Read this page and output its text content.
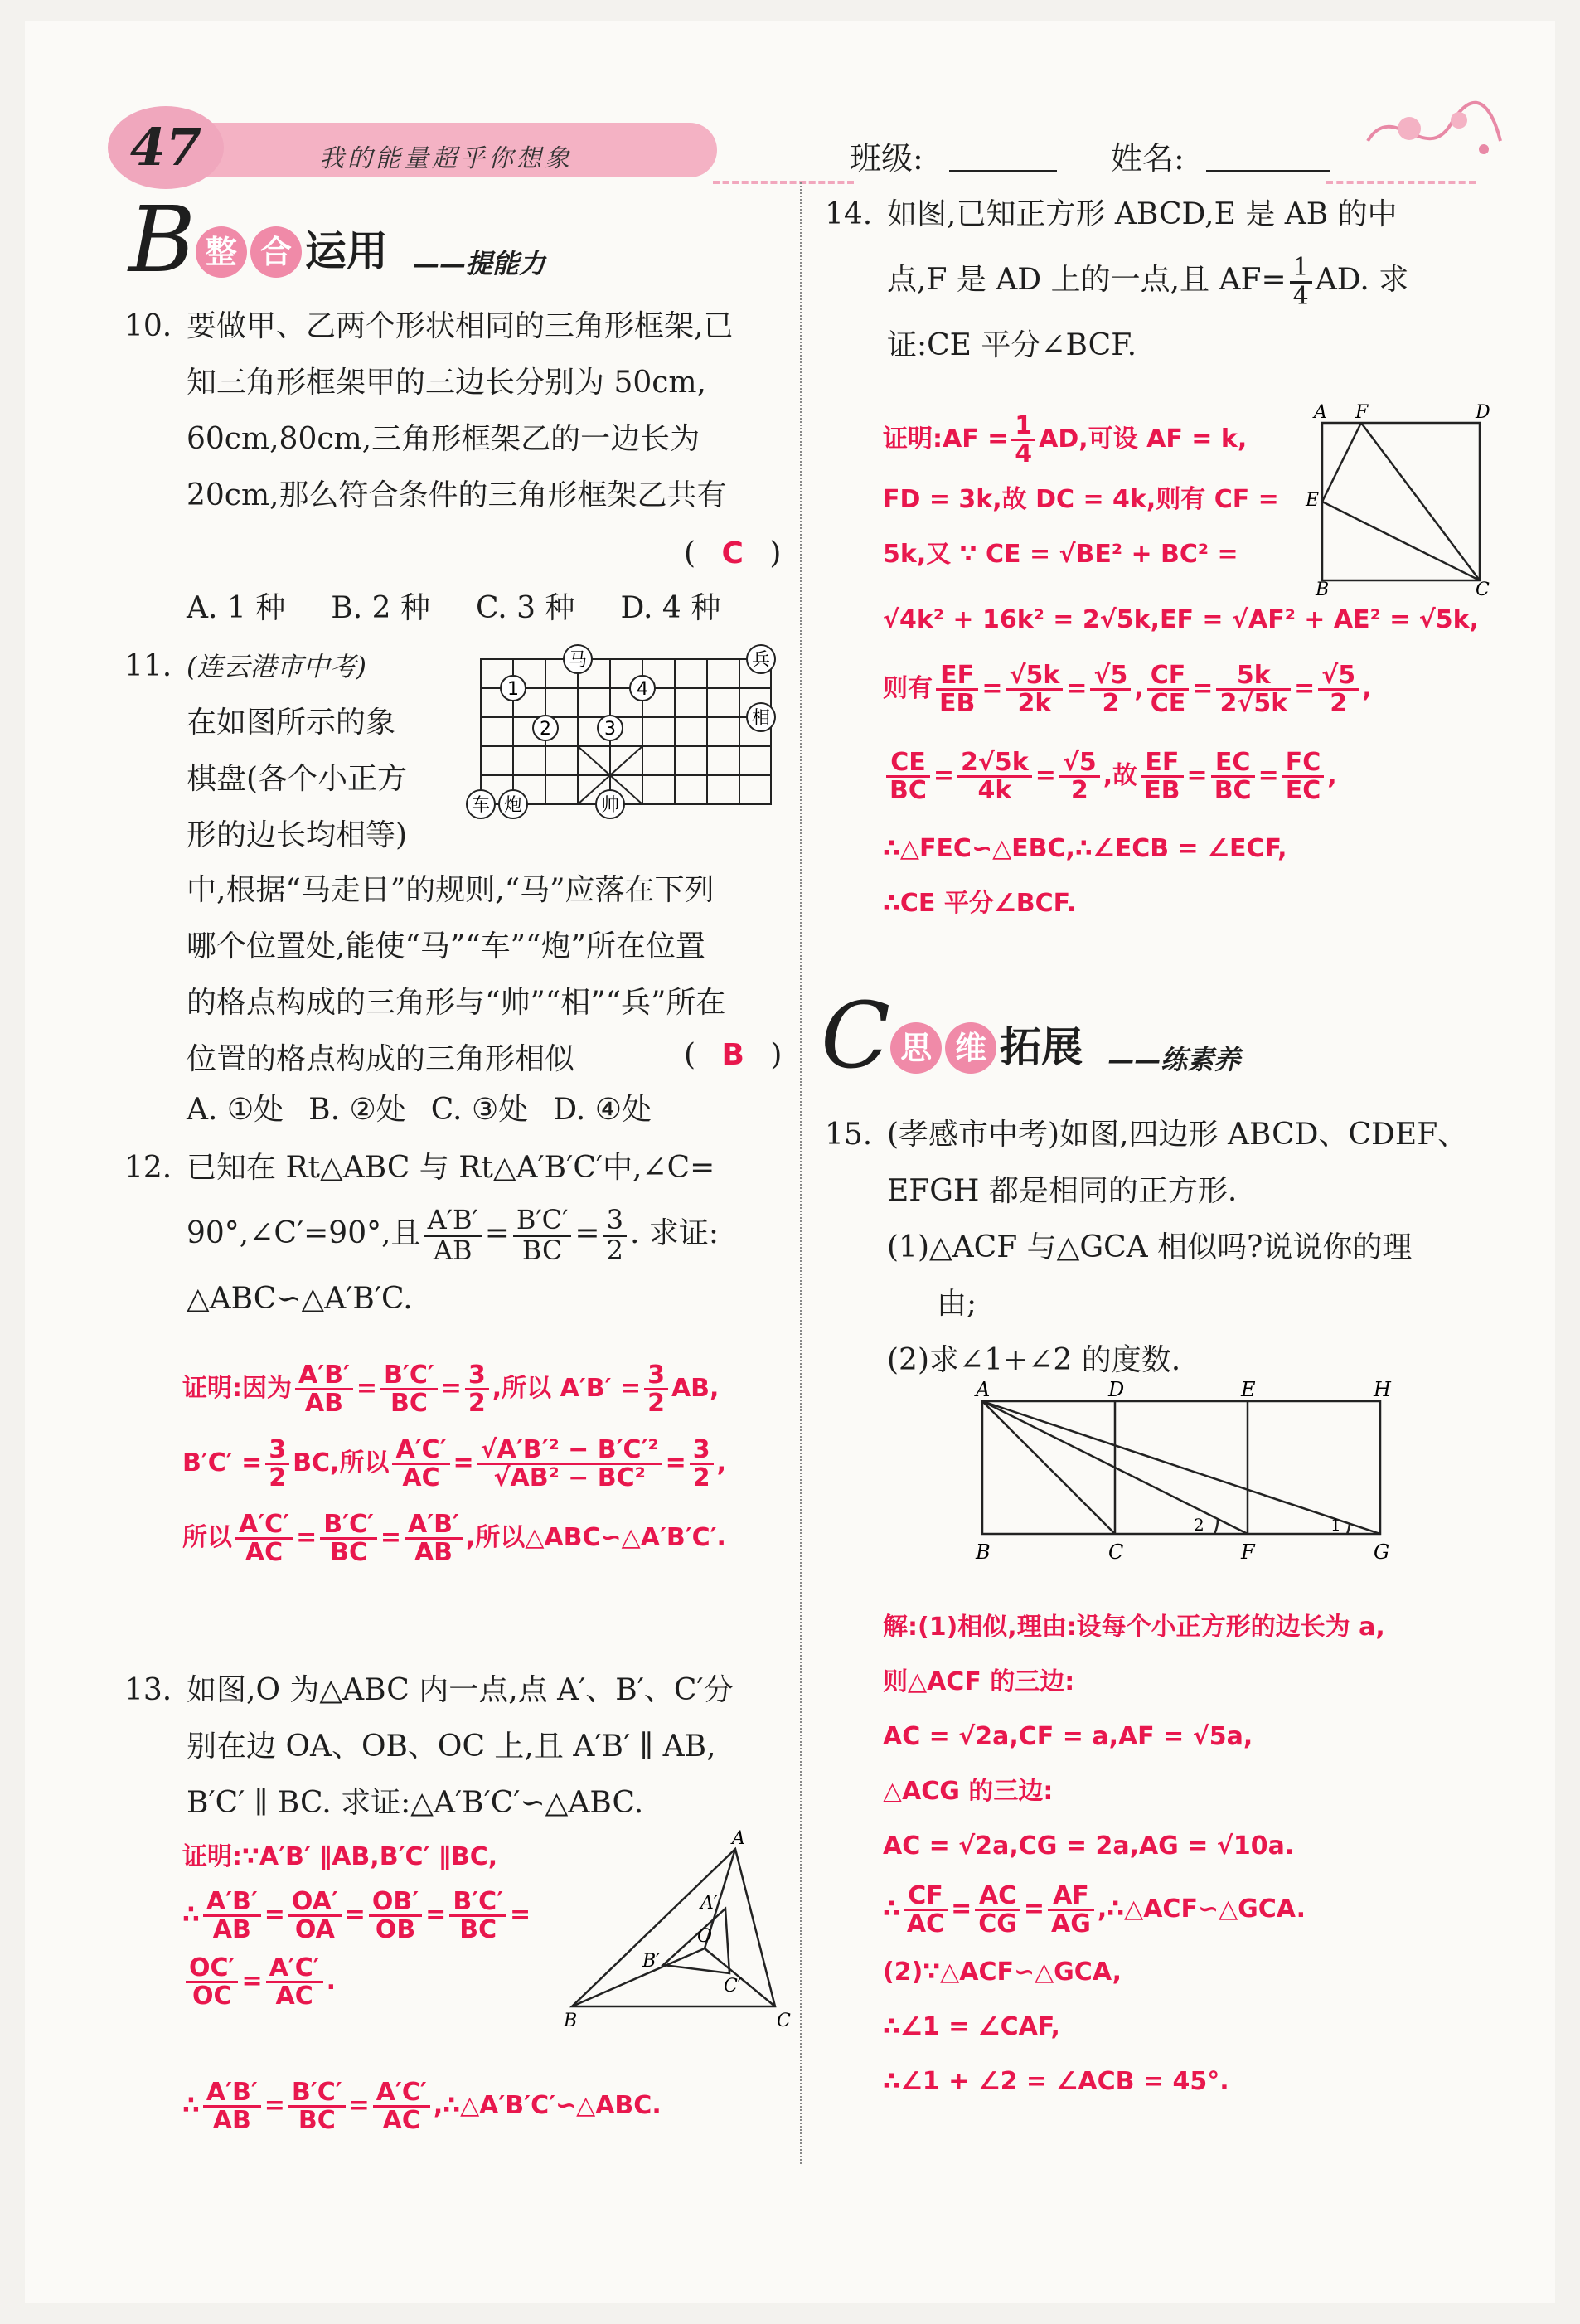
47	我的能量超乎你想象	班级:	姓名:
B 整 合 运用 ——提能力
10. 要做甲、乙两个形状相同的三角形框架,已
知三角形框架甲的三边长分别为 50cm,
60cm,80cm,三角形框架乙的一边长为
20cm,那么符合条件的三角形框架乙共有
( C )
A. 1 种 B. 2 种 C. 3 种 D. 4 种
11. (连云港市中考)
在如图所示的象
棋盘(各个小正方
形的边长均相等)
马	兵
相
车 炮	帅
1
2	3
4
中,根据“马走日”的规则,“马”应落在下列
哪个位置处,能使“马”“车”“炮”所在位置
的格点构成的三角形与“帅”“相”“兵”所在
位置的格点构成的三角形相似	( B )
A. ①处 B. ②处 C. ③处 D. ④处
12. 已知在 Rt△ABC 与 Rt△A′B′C′中,∠C=
90°,∠C′=90°,且 $\frac{A'B'}{AB} = \frac{B'C'}{BC} = \frac{3}{2}$ . 求证:
△ABC∽△A′B′C.
证明:因为 $\frac{A'B'}{AB} = \frac{B'C'}{BC} = \frac{3}{2}$ ,所以 $A'B' = \frac{3}{2}$ AB,
$B'C' = \frac{3}{2}$ BC,所以 $\frac{A'C'}{AC} = \frac{\text{√A′B′² − B′C′²}}{\text{√AB² − BC²}} = \frac{3}{2}$ ,
所以 $\frac{A'C'}{AC} = \frac{B'C'}{BC} = \frac{A'B'}{AB}$ ,所以△ABC∽△A′B′C′.
13. 如图,O 为△ABC 内一点,点 A′、B′、C′分
别在边 OA、OB、OC 上,且 A′B′ ∥ AB,
B′C′ ∥ BC. 求证:△A′B′C′∽△ABC.
证明:∵A′B′ ∥AB,B′C′ ∥BC,
∴ $\frac{A'B'}{AB} = \frac{OA'}{OA} = \frac{OB'}{OB} = \frac{B'C'}{BC}$ =
$\frac{OC'}{OC} = \frac{A'C'}{AC}$ .
∴ $\frac{A'B'}{AB} = \frac{B'C'}{BC} = \frac{A'C'}{AC}$ ,∴△A′B′C′∽△ABC.
A
B	C
A′
B′
C′
O
14. 如图,已知正方形 ABCD,E 是 AB 的中
点,F 是 AD 上的一点,且 $AF= \frac{1}{4}$ AD. 求
证:CE 平分∠BCF.
证明:AF = $\frac{1}{4}$ AD,可设 AF = k,
FD = 3k,故 DC = 4k,则有 CF =
5k,又 ∵ CE = √BE² + BC² =
√4k² + 16k² = 2√5k,EF = √AF² + AE² = √5k,
则有 $\frac{EF}{EB} = \frac{√5k}{2k} = \frac{√5}{2}$ , $\frac{CF}{CE} = \frac{5k}{2√5k} = \frac{√5}{2}$ ,
$\frac{CE}{BC} = \frac{2√5k}{4k} = \frac{√5}{2}$ ,故 $\frac{EF}{EB} = \frac{EC}{BC} = \frac{FC}{EC}$ ,
∴△FEC∽△EBC,∴∠ECB = ∠ECF,
∴CE 平分∠BCF.
A F	D
E
B	C
C 思 维 拓展 ——练素养
15. (孝感市中考)如图,四边形 ABCD、CDEF、
EFGH 都是相同的正方形.
(1)△ACF 与△GCA 相似吗?说说你的理
由;
(2)求∠1+∠2 的度数.
A	D	E	H
B	C	F	G
2	1
解:(1)相似,理由:设每个小正方形的边长为 a,
则△ACF 的三边:
AC = √2a,CF = a,AF = √5a,
△ACG 的三边:
AC = √2a,CG = 2a,AG = √10a.
∴ $\frac{CF}{AC} = \frac{AC}{CG} = \frac{AF}{AG}$ ,∴△ACF∽△GCA.
(2)∵△ACF∽△GCA,
∴∠1 = ∠CAF,
∴∠1 + ∠2 = ∠ACB = 45°.
